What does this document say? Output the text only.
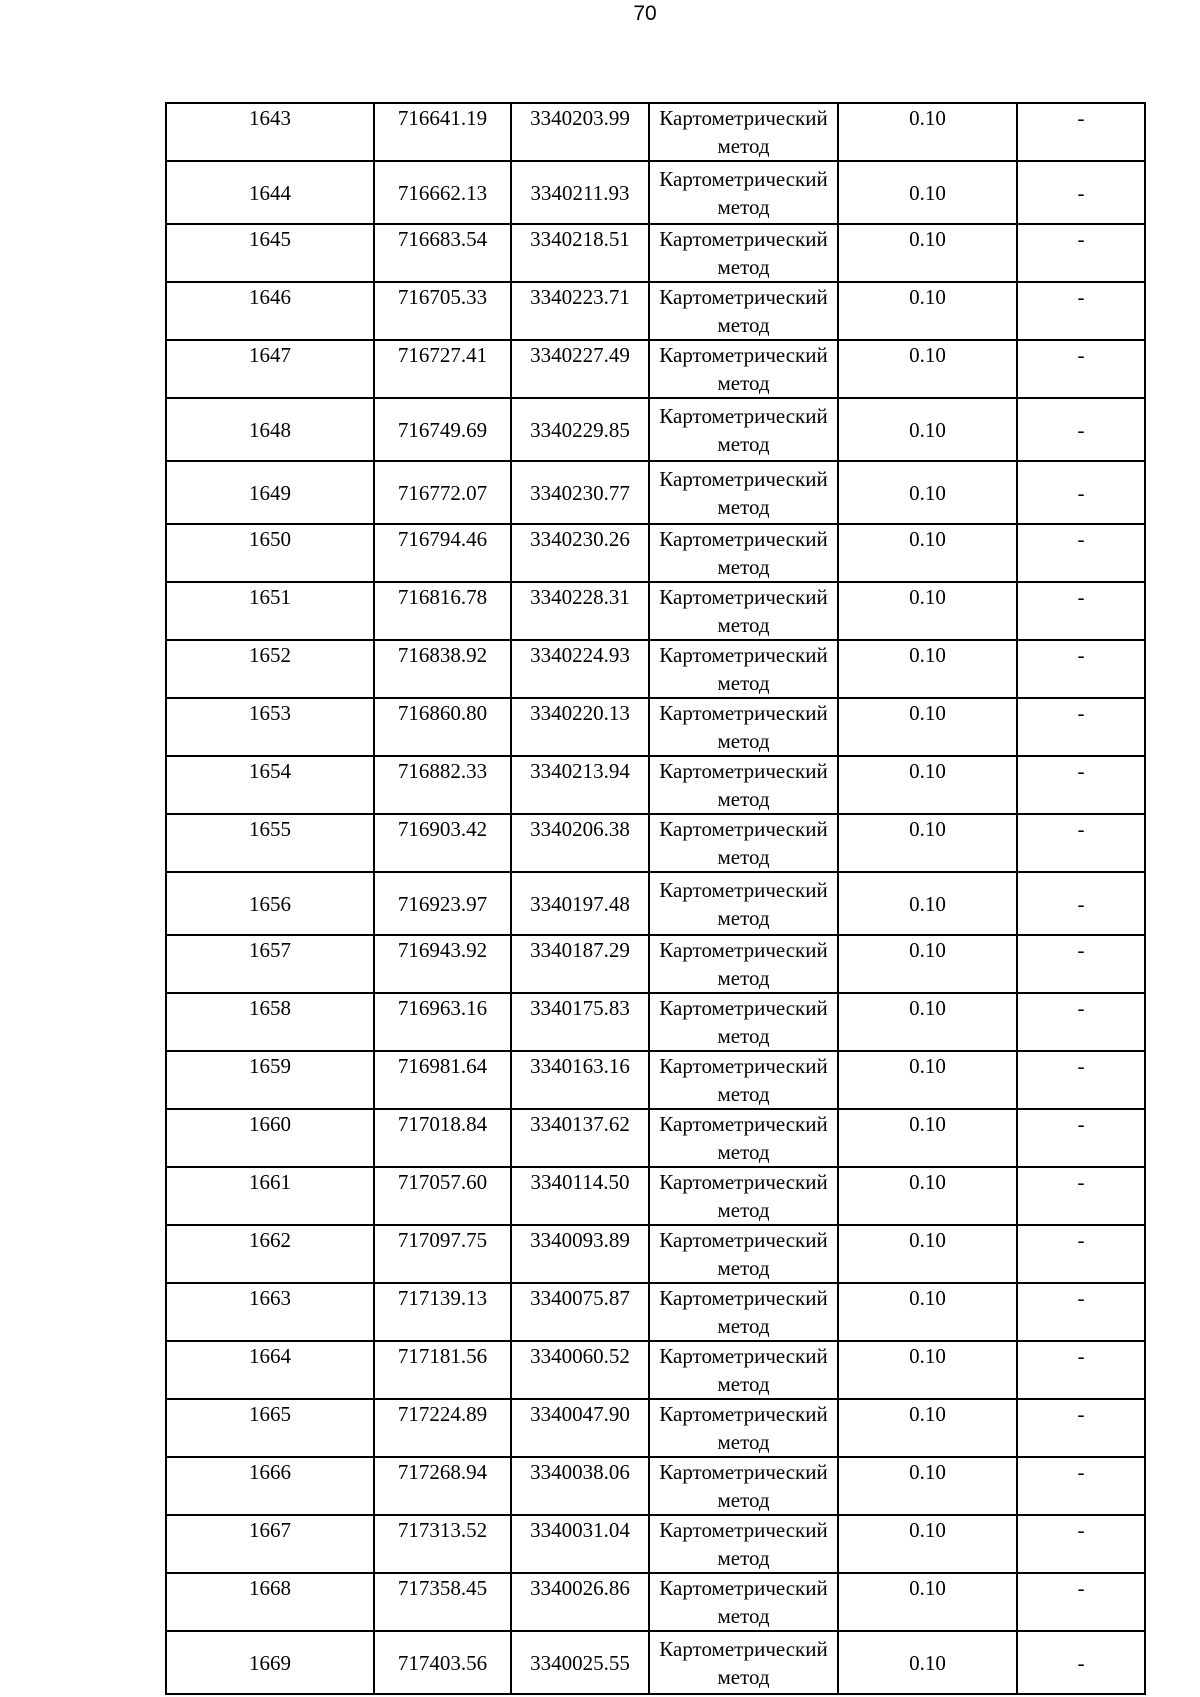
70
1643	716641.19	3340203.99	Картометрический метод	0.10	-
1644	716662.13	3340211.93	Картометрический метод	0.10	-
1645	716683.54	3340218.51	Картометрический метод	0.10	-
1646	716705.33	3340223.71	Картометрический метод	0.10	-
1647	716727.41	3340227.49	Картометрический метод	0.10	-
1648	716749.69	3340229.85	Картометрический метод	0.10	-
1649	716772.07	3340230.77	Картометрический метод	0.10	-
1650	716794.46	3340230.26	Картометрический метод	0.10	-
1651	716816.78	3340228.31	Картометрический метод	0.10	-
1652	716838.92	3340224.93	Картометрический метод	0.10	-
1653	716860.80	3340220.13	Картометрический метод	0.10	-
1654	716882.33	3340213.94	Картометрический метод	0.10	-
1655	716903.42	3340206.38	Картометрический метод	0.10	-
1656	716923.97	3340197.48	Картометрический метод	0.10	-
1657	716943.92	3340187.29	Картометрический метод	0.10	-
1658	716963.16	3340175.83	Картометрический метод	0.10	-
1659	716981.64	3340163.16	Картометрический метод	0.10	-
1660	717018.84	3340137.62	Картометрический метод	0.10	-
1661	717057.60	3340114.50	Картометрический метод	0.10	-
1662	717097.75	3340093.89	Картометрический метод	0.10	-
1663	717139.13	3340075.87	Картометрический метод	0.10	-
1664	717181.56	3340060.52	Картометрический метод	0.10	-
1665	717224.89	3340047.90	Картометрический метод	0.10	-
1666	717268.94	3340038.06	Картометрический метод	0.10	-
1667	717313.52	3340031.04	Картометрический метод	0.10	-
1668	717358.45	3340026.86	Картометрический метод	0.10	-
1669	717403.56	3340025.55	Картометрический метод	0.10	-
